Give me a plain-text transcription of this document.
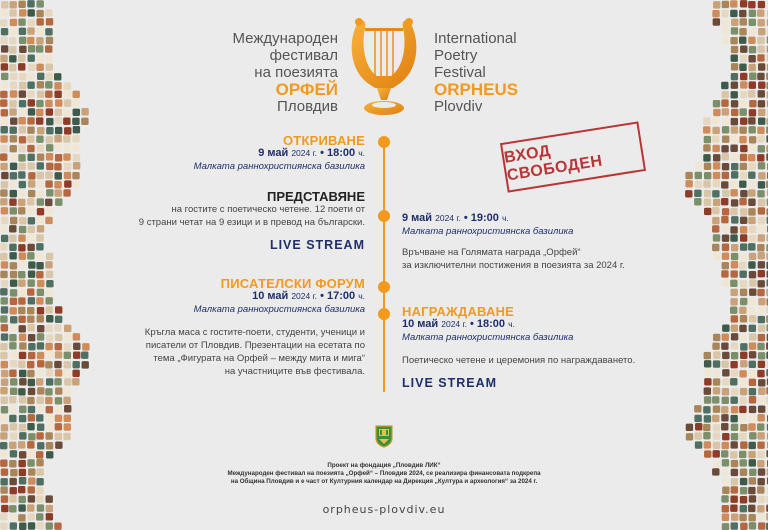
Международен
фестивал
на поезията
ОРФЕЙ
Пловдив
International
Poetry
Festival
ORPHEUS
Plovdiv
ВХОД СВОБОДЕН
ОТКРИВАНЕ
9 май 2024 г. • 18:00 ч.
Малката раннохристиянска базилика
ПРЕДСТАВЯНЕ
на гостите с поетическо четене. 12 поети от
9 страни четат на 9 езици и в превод на български.
LIVE STREAM
9 май 2024 г. • 19:00 ч.
Малката раннохристиянска базилика
Връчване на Голямата награда „Орфей“
за изключителни постижения в поезията за 2024 г.
ПИСАТЕЛСКИ ФОРУМ
10 май 2024 г. • 17:00 ч.
Малката раннохристиянска базилика
Кръгла маса с гостите-поети, студенти, ученици и
писатели от Пловдив. Презентации на есетата по
тема „Фигурата на Орфей – между мита и мига“
на участниците във фестивала.
НАГРАЖДАВАНЕ
10 май 2024 г. • 18:00 ч.
Малката раннохристиянска базилика
Поетическо четене и церемония по награждаването.
LIVE STREAM
Проект на фондация „Пловдив ЛИК“
Международен фестивал на поезията „Орфей“ – Пловдив 2024, се реализира финансовата подкрепа
на Община Пловдив и е част от Културния календар на Дирекция „Култура и археология“ за 2024 г.
orpheus-plovdiv.eu
